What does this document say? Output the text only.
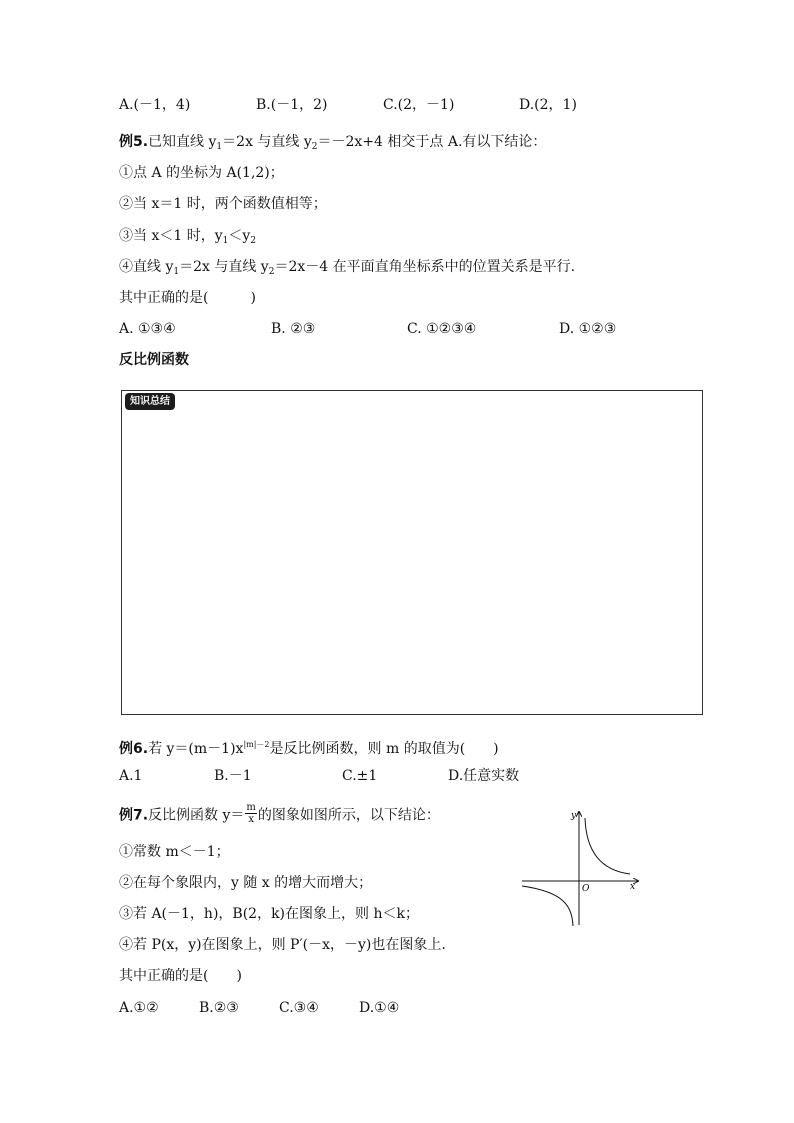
A.(－1，4)	B.(－1，2)	C.(2，－1)	D.(2，1)
例5.已知直线 $y_1=2x$ 与直线 $y_2=-2x+4$ 相交于点 A.有以下结论：
①点 A 的坐标为 A(1,2)；
②当 x＝1 时，两个函数值相等；
③当 x＜1 时，$y_1<y_2$
④直线 $y_1=2x$ 与直线 $y_2=2x-4$ 在平面直角坐标系中的位置关系是平行.
其中正确的是(　　　)
A. ①③④	B. ②③	C. ①②③④	D. ①②③
反比例函数
知识总结
例6.若 $y=(m-1)x^{|m|-2}$是反比例函数，则 m 的取值为(　　)
A.1	B.－1	C.±1	D.任意实数
例7.反比例函数 $y= \frac{m}{x}$ 的图象如图所示，以下结论：
①常数 m＜－1；
②在每个象限内，y 随 x 的增大而增大；
③若 A(－1，h)，B(2，k)在图象上，则 h＜k；
④若 P(x，y)在图象上，则 P′(－x，－y)也在图象上.
其中正确的是(　　)
A.①②	B.②③	C.③④	D.①④
y
x
O
